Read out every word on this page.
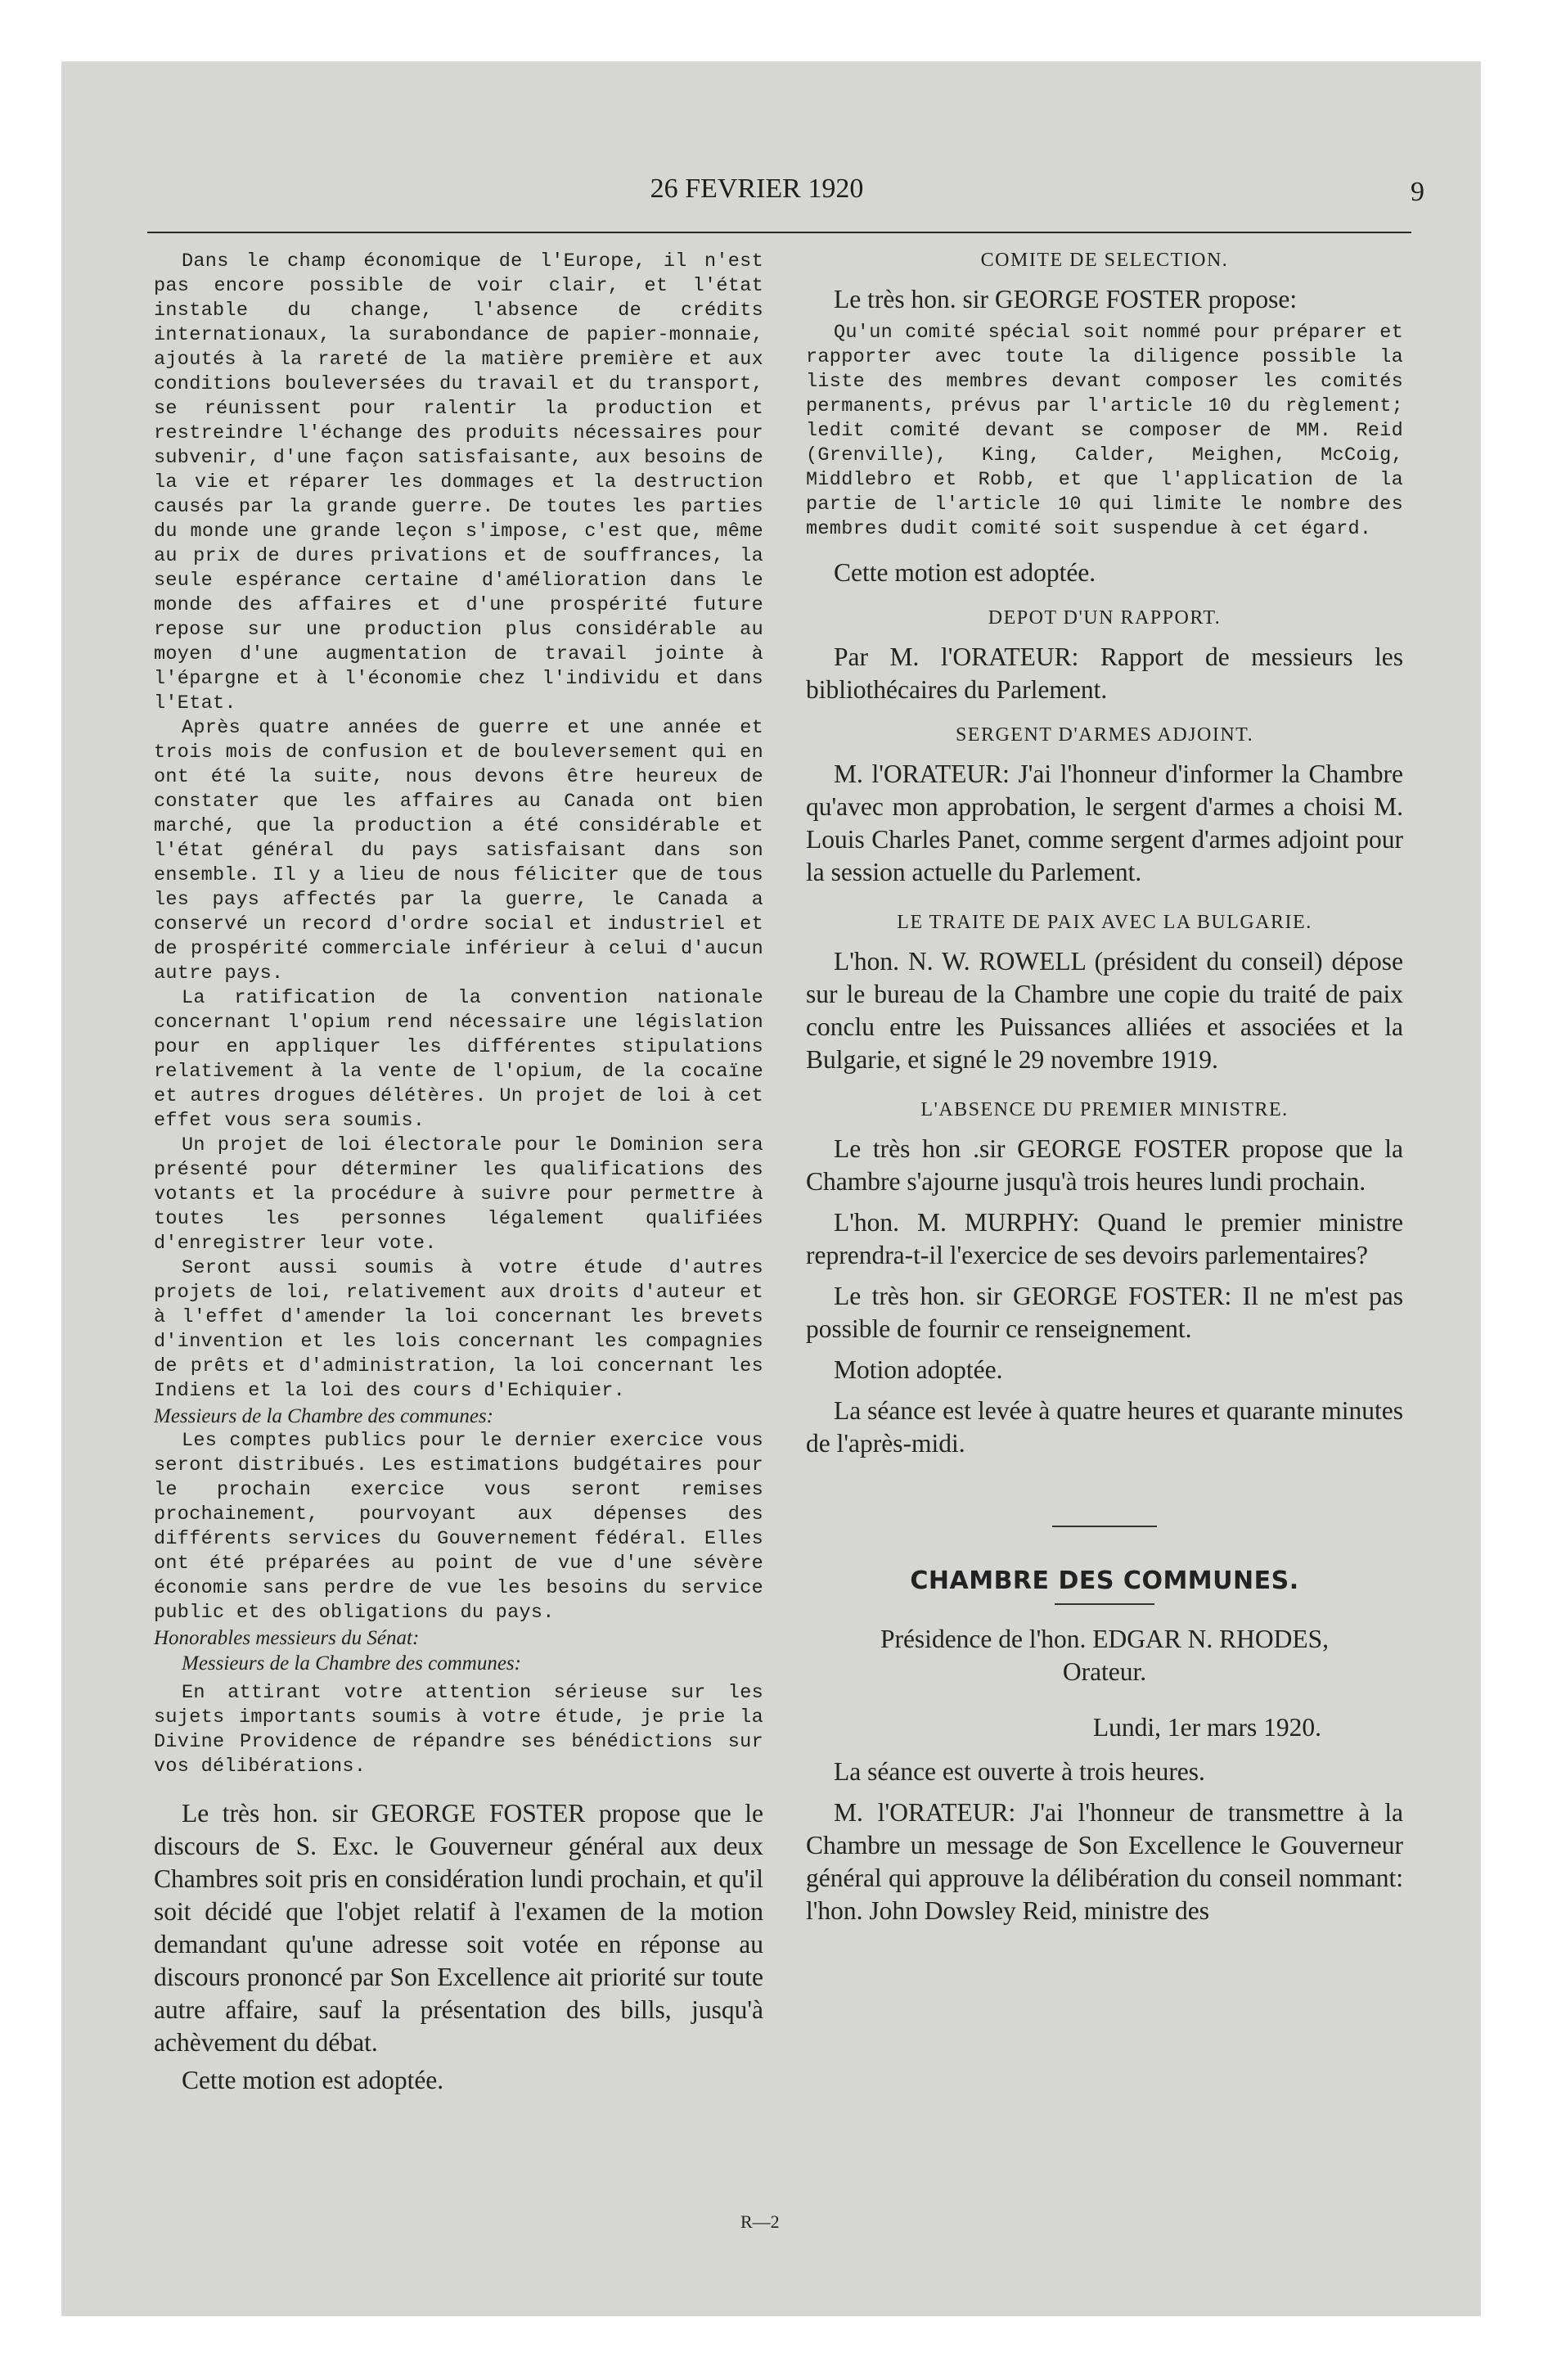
26 FEVRIER 1920	9

Dans le champ économique de l'Europe, il n'est pas encore possible de voir clair, et l'état instable du change, l'absence de crédits internationaux, la surabondance de papier-monnaie, ajoutés à la rareté de la matière première et aux conditions bouleversées du travail et du transport, se réunissent pour ralentir la production et restreindre l'échange des produits nécessaires pour subvenir, d'une façon satisfaisante, aux besoins de la vie et réparer les dommages et la destruction causés par la grande guerre. De toutes les parties du monde une grande leçon s'impose, c'est que, même au prix de dures privations et de souffrances, la seule espérance certaine d'amélioration dans le monde des affaires et d'une prospérité future repose sur une production plus considérable au moyen d'une augmentation de travail jointe à l'épargne et à l'économie chez l'individu et dans l'Etat.

Après quatre années de guerre et une année et trois mois de confusion et de bouleversement qui en ont été la suite, nous devons être heureux de constater que les affaires au Canada ont bien marché, que la production a été considérable et l'état général du pays satisfaisant dans son ensemble. Il y a lieu de nous féliciter que de tous les pays affectés par la guerre, le Canada a conservé un record d'ordre social et industriel et de prospérité commerciale inférieur à celui d'aucun autre pays.

La ratification de la convention nationale concernant l'opium rend nécessaire une législation pour en appliquer les différentes stipulations relativement à la vente de l'opium, de la cocaïne et autres drogues délétères. Un projet de loi à cet effet vous sera soumis.

Un projet de loi électorale pour le Dominion sera présenté pour déterminer les qualifications des votants et la procédure à suivre pour permettre à toutes les personnes légalement qualifiées d'enregistrer leur vote.

Seront aussi soumis à votre étude d'autres projets de loi, relativement aux droits d'auteur et à l'effet d'amender la loi concernant les brevets d'invention et les lois concernant les compagnies de prêts et d'administration, la loi concernant les Indiens et la loi des cours d'Echiquier.

Messieurs de la Chambre des communes:

Les comptes publics pour le dernier exercice vous seront distribués. Les estimations budgétaires pour le prochain exercice vous seront remises prochainement, pourvoyant aux dépenses des différents services du Gouvernement fédéral. Elles ont été préparées au point de vue d'une sévère économie sans perdre de vue les besoins du service public et des obligations du pays.

Honorables messieurs du Sénat:

Messieurs de la Chambre des communes:

En attirant votre attention sérieuse sur les sujets importants soumis à votre étude, je prie la Divine Providence de répandre ses bénédictions sur vos délibérations.

Le très hon. sir GEORGE FOSTER propose que le discours de S. Exc. le Gouverneur général aux deux Chambres soit pris en considération lundi prochain, et qu'il soit décidé que l'objet relatif à l'examen de la motion demandant qu'une adresse soit votée en réponse au discours prononcé par Son Excellence ait priorité sur toute autre affaire, sauf la présentation des bills, jusqu'à achèvement du débat.

Cette motion est adoptée.

COMITE DE SELECTION.

Le très hon. sir GEORGE FOSTER propose:

Qu'un comité spécial soit nommé pour préparer et rapporter avec toute la diligence possible la liste des membres devant composer les comités permanents, prévus par l'article 10 du règlement; ledit comité devant se composer de MM. Reid (Grenville), King, Calder, Meighen, McCoig, Middlebro et Robb, et que l'application de la partie de l'article 10 qui limite le nombre des membres dudit comité soit suspendue à cet égard.

Cette motion est adoptée.

DEPOT D'UN RAPPORT.

Par M. l'ORATEUR: Rapport de messieurs les bibliothécaires du Parlement.

SERGENT D'ARMES ADJOINT.

M. l'ORATEUR: J'ai l'honneur d'informer la Chambre qu'avec mon approbation, le sergent d'armes a choisi M. Louis Charles Panet, comme sergent d'armes adjoint pour la session actuelle du Parlement.

LE TRAITE DE PAIX AVEC LA BULGARIE.

L'hon. N. W. ROWELL (président du conseil) dépose sur le bureau de la Chambre une copie du traité de paix conclu entre les Puissances alliées et associées et la Bulgarie, et signé le 29 novembre 1919.

L'ABSENCE DU PREMIER MINISTRE.

Le très hon .sir GEORGE FOSTER propose que la Chambre s'ajourne jusqu'à trois heures lundi prochain.

L'hon. M. MURPHY: Quand le premier ministre reprendra-t-il l'exercice de ses devoirs parlementaires?

Le très hon. sir GEORGE FOSTER: Il ne m'est pas possible de fournir ce renseignement.

Motion adoptée.

La séance est levée à quatre heures et quarante minutes de l'après-midi.

CHAMBRE DES COMMUNES.

Présidence de l'hon. EDGAR N. RHODES,

Orateur.

Lundi, 1er mars 1920.

La séance est ouverte à trois heures.

M. l'ORATEUR: J'ai l'honneur de transmettre à la Chambre un message de Son Excellence le Gouverneur général qui approuve la délibération du conseil nommant: l'hon. John Dowsley Reid, ministre des

R—2
